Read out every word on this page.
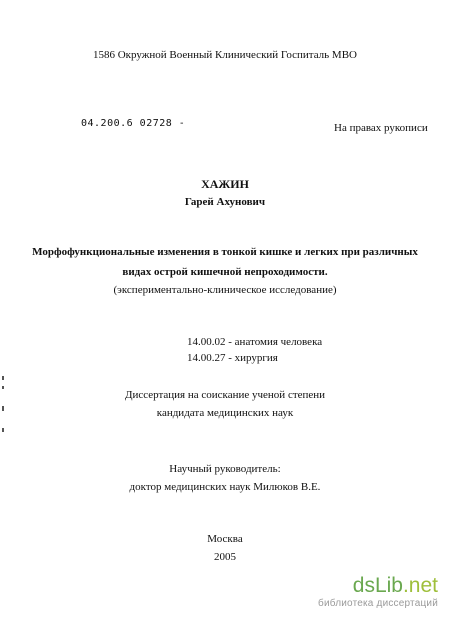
1586 Окружной Военный Клинический Госпиталь МВО
04.200.6 02728 -	На правах рукописи
ХАЖИН
Гарей Ахунович
Морфофункциональные изменения в тонкой кишке и легких при различных
видах острой кишечной непроходимости.
(экспериментально-клиническое исследование)
14.00.02 - анатомия человека
14.00.27 - хирургия
Диссертация на соискание ученой степени
кандидата медицинских наук
Научный руководитель:
доктор медицинских наук Милюков В.Е.
Москва
2005
dsLib.net
библиотека диссертаций
